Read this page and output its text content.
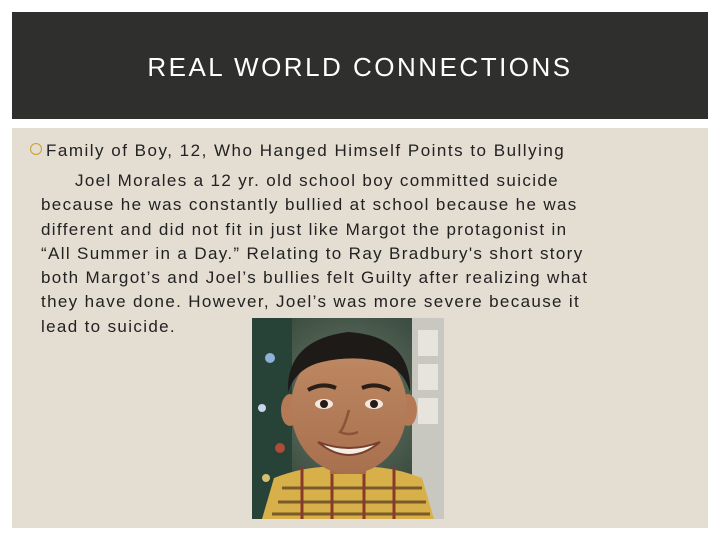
REAL WORLD CONNECTIONS
Family of Boy, 12, Who Hanged Himself Points to Bullying
Joel Morales a 12 yr. old school boy committed suicide
because he was constantly bullied at school because he was
different and did not fit in just like Margot the protagonist in
“All Summer in a Day.” Relating to Ray Bradbury's short story
both Margot’s and Joel’s bullies felt Guilty after realizing what
they have done. However, Joel’s was more severe because it
lead to suicide.
